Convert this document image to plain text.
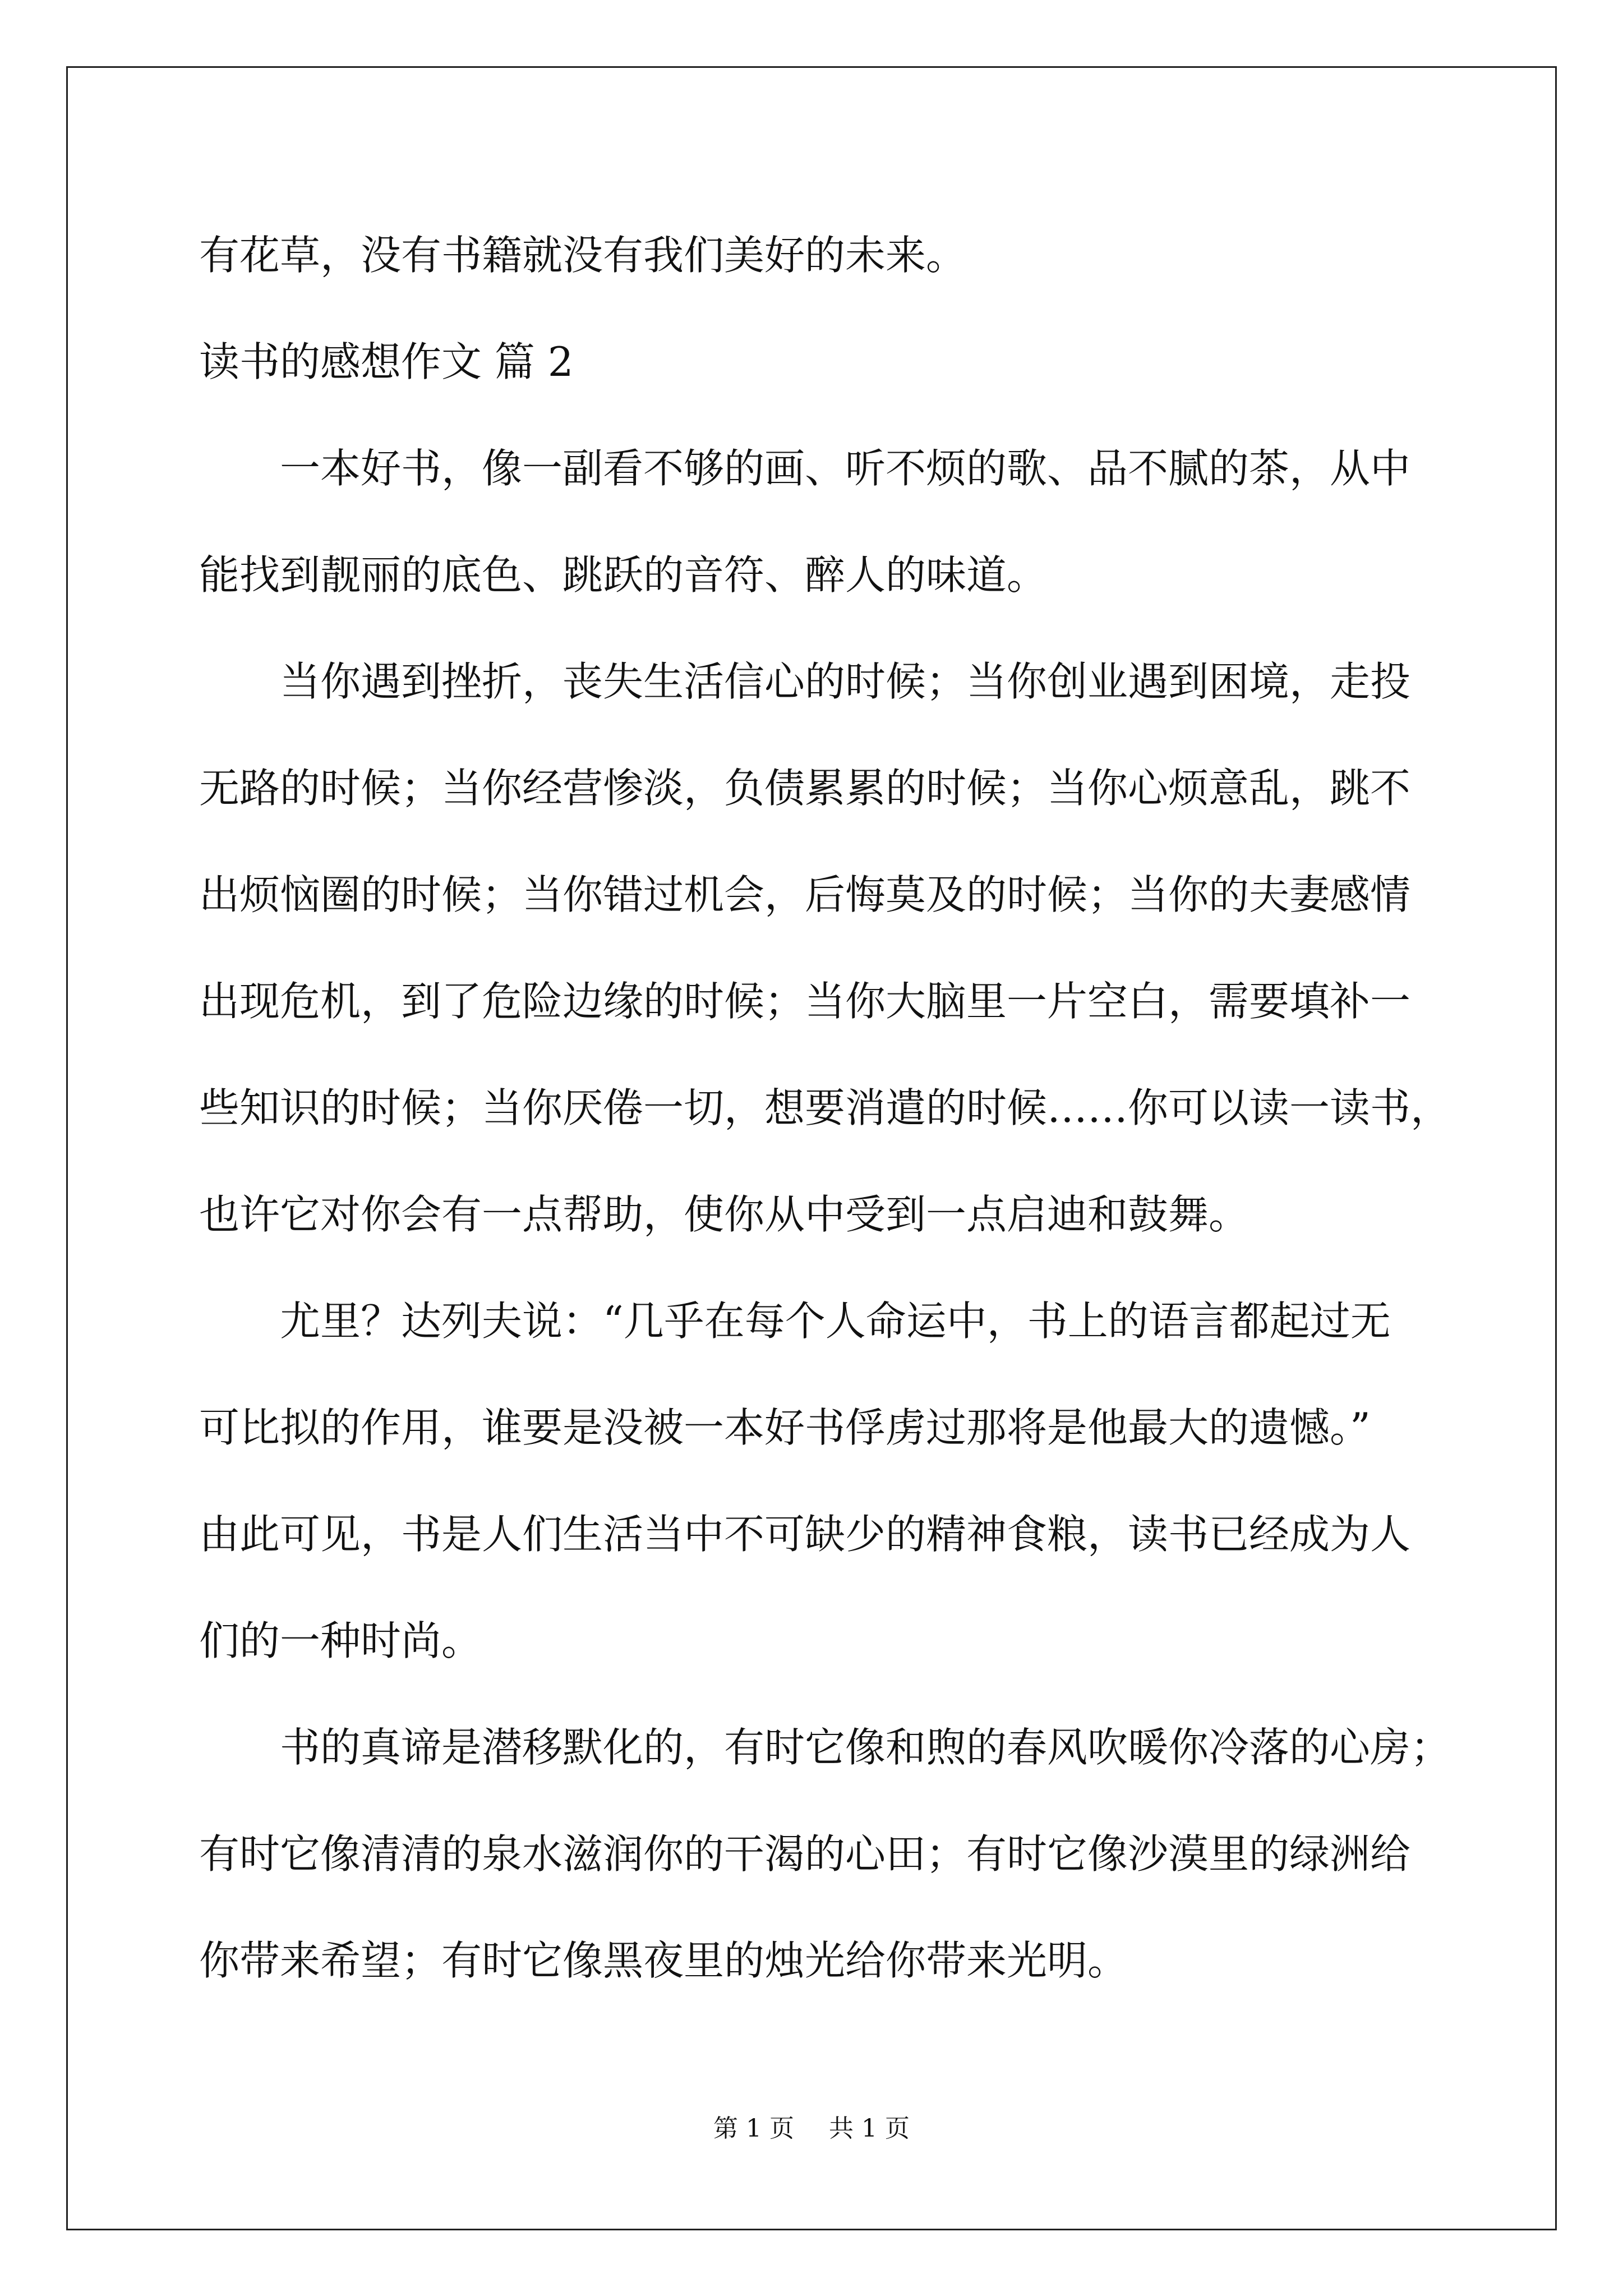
有花草，没有书籍就没有我们美好的未来。
读书的感想作文 篇 2
一本好书，像一副看不够的画、听不烦的歌、品不腻的茶，从中
能找到靓丽的底色、跳跃的音符、醉人的味道。
当你遇到挫折，丧失生活信心的时候；当你创业遇到困境，走投
无路的时候；当你经营惨淡，负债累累的时候；当你心烦意乱，跳不
出烦恼圈的时候；当你错过机会，后悔莫及的时候；当你的夫妻感情
出现危机，到了危险边缘的时候；当你大脑里一片空白，需要填补一
些知识的时候；当你厌倦一切，想要消遣的时候……你可以读一读书，
也许它对你会有一点帮助，使你从中受到一点启迪和鼓舞。
尤里？达列夫说：“几乎在每个人命运中，书上的语言都起过无
可比拟的作用，谁要是没被一本好书俘虏过那将是他最大的遗憾。”
由此可见，书是人们生活当中不可缺少的精神食粮，读书已经成为人
们的一种时尚。
书的真谛是潜移默化的，有时它像和煦的春风吹暖你冷落的心房；
有时它像清清的泉水滋润你的干渴的心田；有时它像沙漠里的绿洲给
你带来希望；有时它像黑夜里的烛光给你带来光明。
第 1 页 共 1 页
